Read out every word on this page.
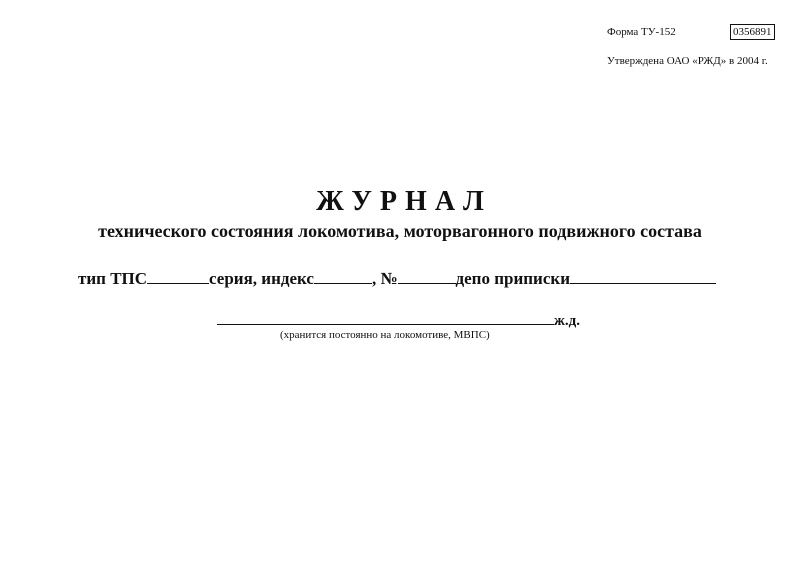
Форма ТУ-152	0356891
Утверждена ОАО «РЖД» в 2004 г.
ЖУРНАЛ
технического состояния локомотива, моторвагонного подвижного состава
тип ТПС	серия, индекс	, №	депо приписки
ж.д.
(хранится постоянно на локомотиве, МВПС)
